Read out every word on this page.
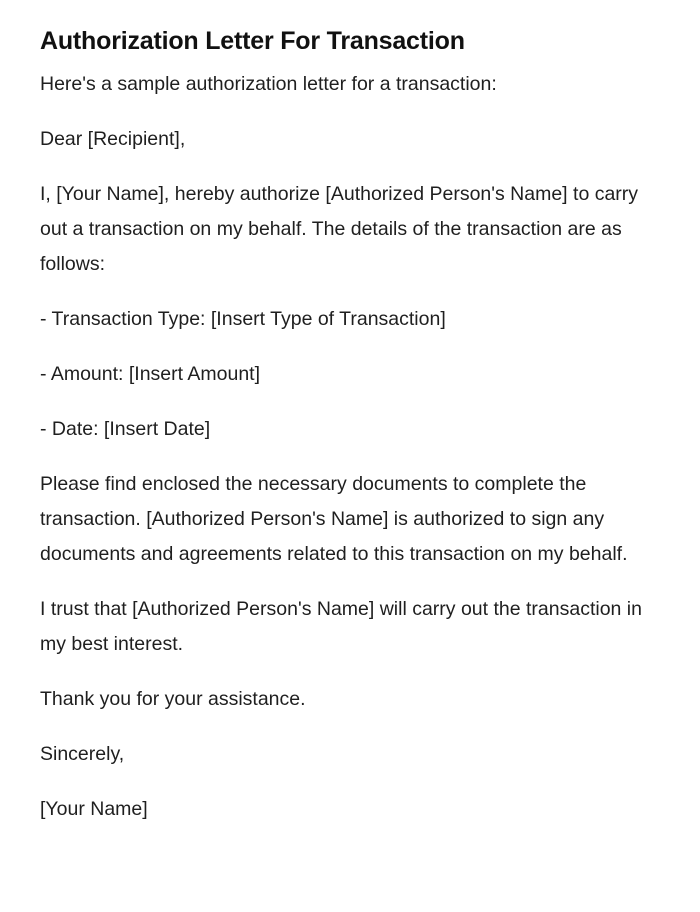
Authorization Letter For Transaction

Here's a sample authorization letter for a transaction:

Dear [Recipient],

I, [Your Name], hereby authorize [Authorized Person's Name] to carry out a transaction on my behalf. The details of the transaction are as follows:

- Transaction Type: [Insert Type of Transaction]

- Amount: [Insert Amount]

- Date: [Insert Date]

Please find enclosed the necessary documents to complete the transaction. [Authorized Person's Name] is authorized to sign any documents and agreements related to this transaction on my behalf.

I trust that [Authorized Person's Name] will carry out the transaction in my best interest.

Thank you for your assistance.

Sincerely,

[Your Name]
